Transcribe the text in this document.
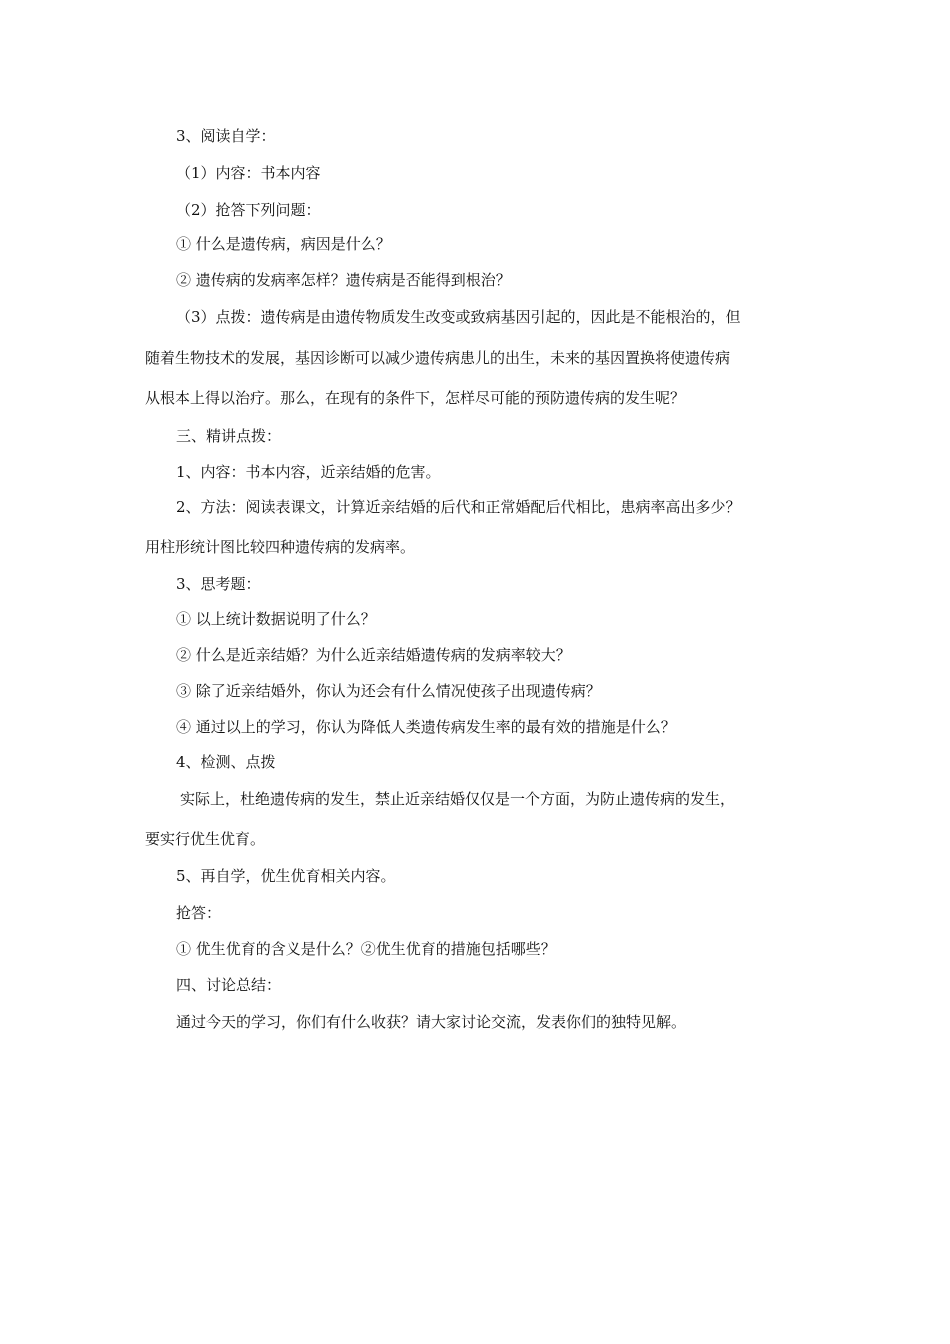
3、阅读自学：
（1）内容：书本内容
（2）抢答下列问题：
① 什么是遗传病，病因是什么？
② 遗传病的发病率怎样？遗传病是否能得到根治？
（3）点拨：遗传病是由遗传物质发生改变或致病基因引起的，因此是不能根治的，但
随着生物技术的发展，基因诊断可以减少遗传病患儿的出生，未来的基因置换将使遗传病
从根本上得以治疗。那么，在现有的条件下，怎样尽可能的预防遗传病的发生呢？
三、精讲点拨：
1、内容：书本内容，近亲结婚的危害。
2、方法：阅读表课文，计算近亲结婚的后代和正常婚配后代相比，患病率高出多少？
用柱形统计图比较四种遗传病的发病率。
3、思考题：
① 以上统计数据说明了什么？
② 什么是近亲结婚？为什么近亲结婚遗传病的发病率较大？
③ 除了近亲结婚外，你认为还会有什么情况使孩子出现遗传病？
④ 通过以上的学习，你认为降低人类遗传病发生率的最有效的措施是什么？
4、检测、点拨
实际上，杜绝遗传病的发生，禁止近亲结婚仅仅是一个方面，为防止遗传病的发生，
要实行优生优育。
5、再自学，优生优育相关内容。
抢答：
① 优生优育的含义是什么？②优生优育的措施包括哪些？
四、讨论总结：
通过今天的学习，你们有什么收获？请大家讨论交流，发表你们的独特见解。
